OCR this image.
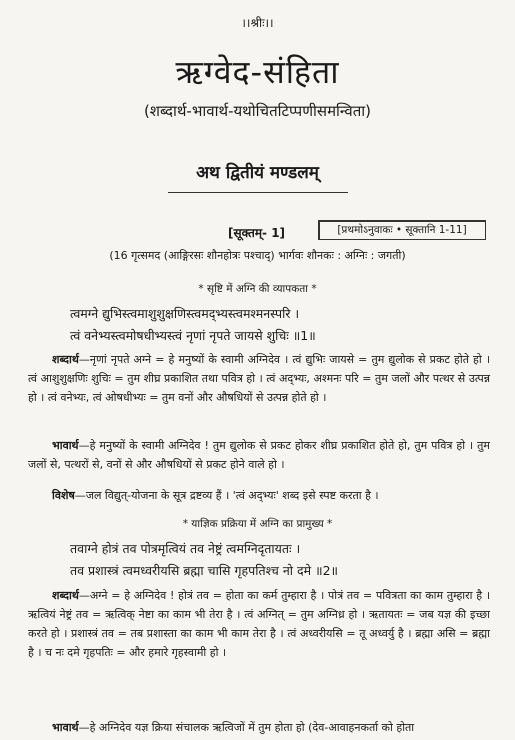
।।श्रीः।।
ऋग्वेद-संहिता
(शब्दार्थ-भावार्थ-यथोचितटिप्पणीसमन्विता)
अथ द्वितीयं मण्डलम्
[सूक्तम्- 1]	[प्रथमोऽनुवाकः • सूक्तानि 1-11]
(16 गृत्समद (आङ्गिरसः शौनहोत्रः पश्चाद्) भार्गवः शौनकः : अग्निः : जगती)
* सृष्टि में अग्नि की व्यापकता *
त्वमग्ने द्युभिस्त्वमाशुशुक्षणिस्त्वमद्भ्यस्त्वमश्मनस्परि ।
त्वं वनेभ्यस्त्वमोषधीभ्यस्त्वं नृणां नृपते जायसे शुचिः ॥1॥
शब्दार्थ—नृणां नृपते अग्ने = हे मनुष्यों के स्वामी अग्निदेव । त्वं द्युभिः जायसे = तुम द्युलोक से प्रकट होते हो । त्वं आशुशुक्षणिः शुचिः = तुम शीघ्र प्रकाशित तथा पवित्र हो । त्वं अद्भ्यः, अश्मनः परि = तुम जलों और पत्थर से उत्पन्न हो । त्वं वनेभ्यः, त्वं ओषधीभ्यः = तुम वनों और औषधियों से उत्पन्न होते हो ।
भावार्थ—हे मनुष्यों के स्वामी अग्निदेव ! तुम द्युलोक से प्रकट होकर शीघ्र प्रकाशित होते हो, तुम पवित्र हो । तुम जलों से, पत्थरों से, वनों से और औषधियों से प्रकट होने वाले हो ।
विशेष—जल विद्युत्-योजना के सूत्र द्रष्टव्य हैं । 'त्वं अद्भ्यः' शब्द इसे स्पष्ट करता है ।
* याज्ञिक प्रक्रिया में अग्नि का प्रामुख्य *
तवाग्ने होत्रं तव पोत्रमृत्वियं तव नेष्ट्रं त्वमग्निदृतायतः ।
तव प्रशास्त्रं त्वमध्वरीयसि ब्रह्मा चासि गृहपतिश्च नो दमे ॥2॥
शब्दार्थ—अग्ने = हे अग्निदेव ! होत्रं तव = होता का कर्म तुम्हारा है । पोत्रं तव = पवित्रता का काम तुम्हारा है । ऋत्वियं नेष्ट्रं तव = ऋत्विक् नेष्टा का काम भी तेरा है । त्वं अग्नित् = तुम अग्निध्र हो । ऋतायतः = जब यज्ञ की इच्छा करते हो । प्रशास्त्रं तव = तब प्रशास्ता का काम भी काम तेरा है । त्वं अध्वरीयसि = तू अध्वर्यु है । ब्रह्मा असि = ब्रह्मा है । च नः दमे गृहपतिः = और हमारे गृहस्वामी हो ।
भावार्थ—हे अग्निदेव यज्ञ क्रिया संचालक ऋत्विजों में तुम होता हो (देव-आवाहनकर्ता को होता
